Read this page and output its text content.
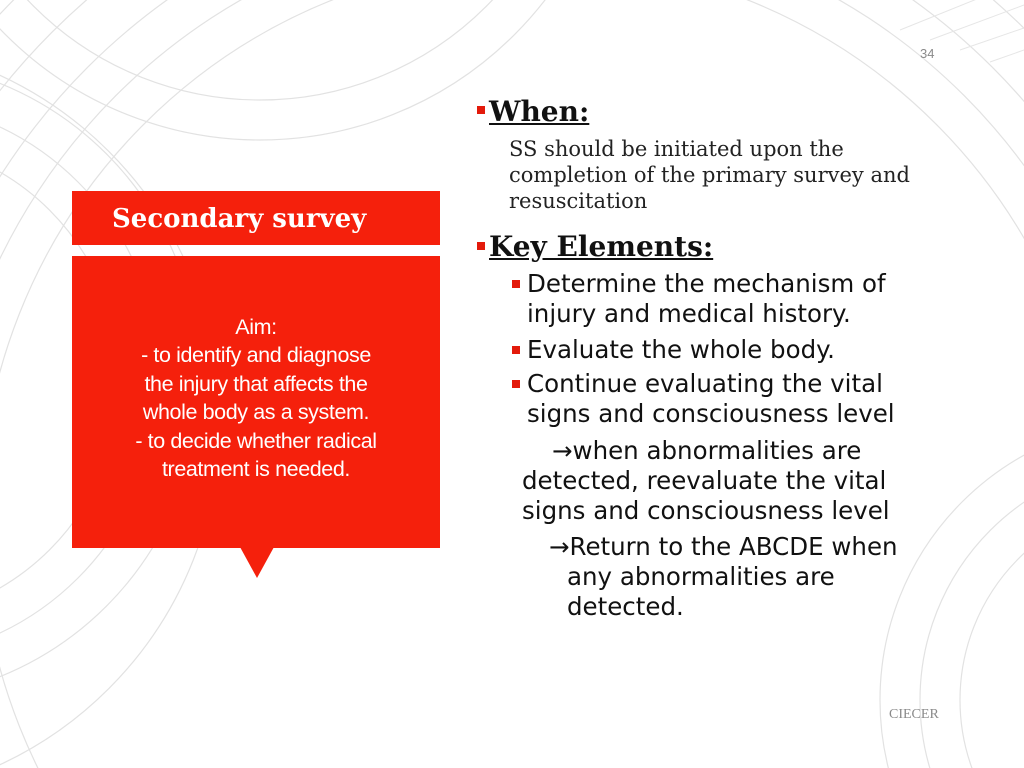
34
Secondary survey
Aim:
- to identify and diagnose
the injury that affects the
whole body as a system.
- to decide whether radical
treatment is needed.
When:
SS should be initiated upon the
completion of the primary survey and
resuscitation
Key Elements:
Determine the mechanism of
injury and medical history.
Evaluate the whole body.
Continue evaluating the vital
signs and consciousness level
→when abnormalities are
detected, reevaluate the vital
signs and consciousness level
→Return to the ABCDE when
any abnormalities are
detected.
CIECER
